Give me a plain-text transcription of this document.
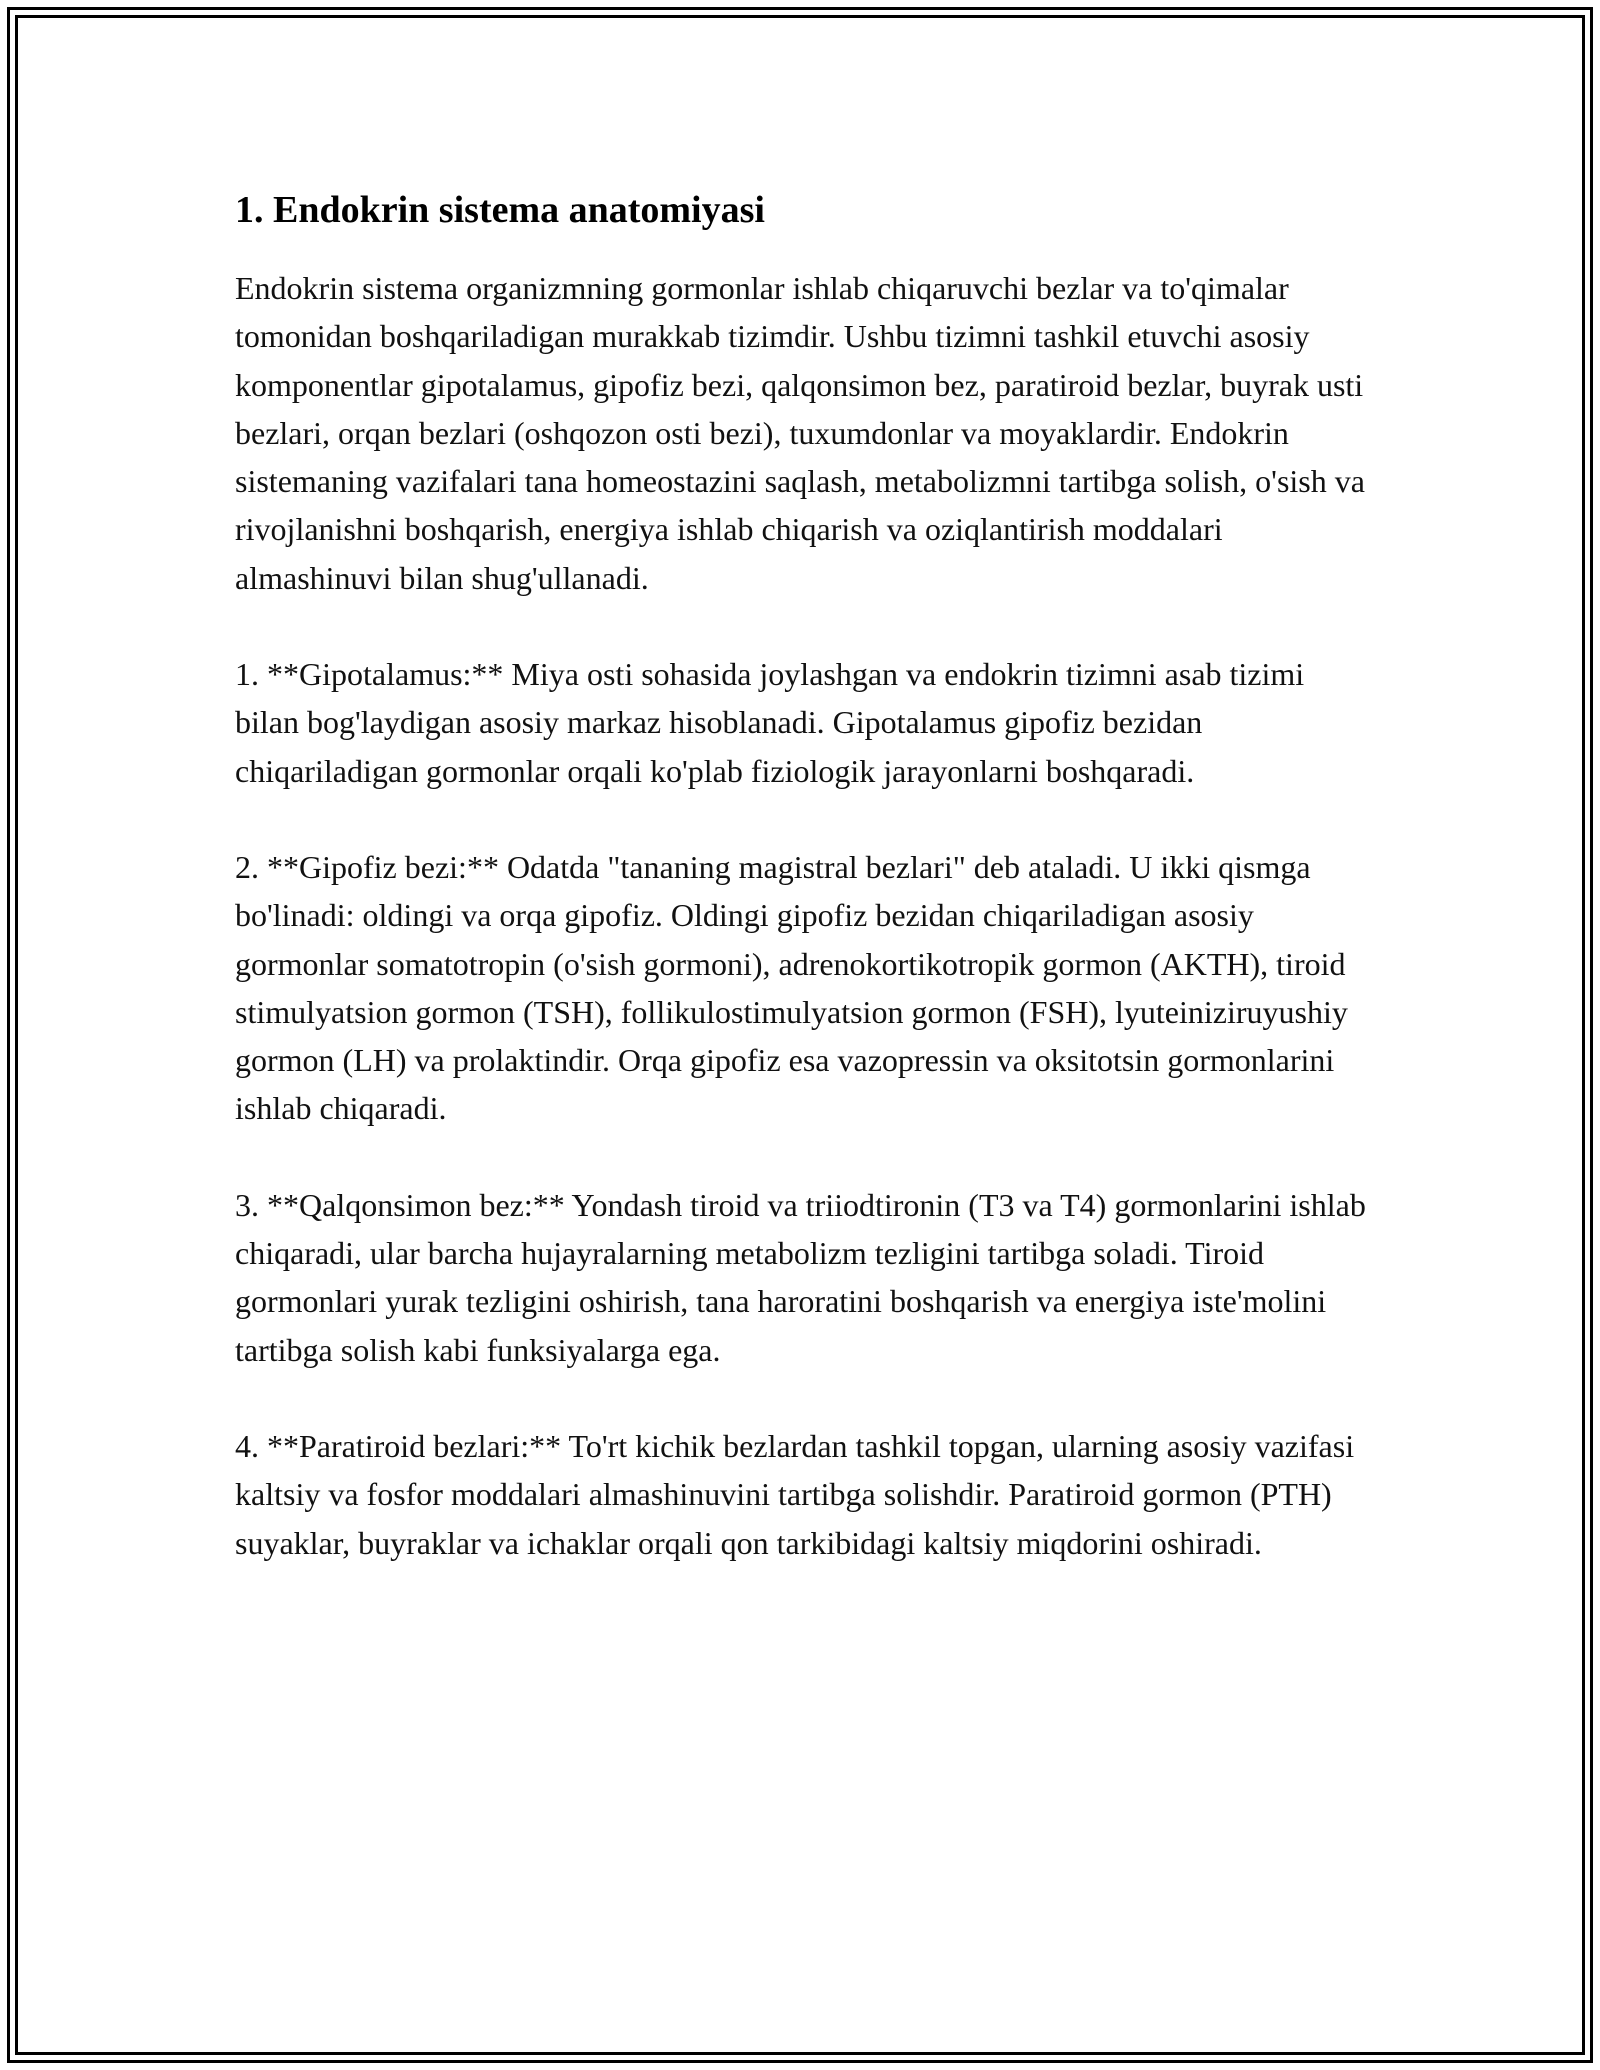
1. Endokrin sistema anatomiyasi

Endokrin sistema organizmning gormonlar ishlab chiqaruvchi bezlar va to'qimalar tomonidan boshqariladigan murakkab tizimdir. Ushbu tizimni tashkil etuvchi asosiy komponentlar gipotalamus, gipofiz bezi, qalqonsimon bez, paratiroid bezlar, buyrak usti bezlari, orqan bezlari (oshqozon osti bezi), tuxumdonlar va moyaklardir. Endokrin sistemaning vazifalari tana homeostazini saqlash, metabolizmni tartibga solish, o'sish va rivojlanishni boshqarish, energiya ishlab chiqarish va oziqlantirish moddalari almashinuvi bilan shug'ullanadi.

1. **Gipotalamus:** Miya osti sohasida joylashgan va endokrin tizimni asab tizimi bilan bog'laydigan asosiy markaz hisoblanadi. Gipotalamus gipofiz bezidan chiqariladigan gormonlar orqali ko'plab fiziologik jarayonlarni boshqaradi.

2. **Gipofiz bezi:** Odatda "tananing magistral bezlari" deb ataladi. U ikki qismga bo'linadi: oldingi va orqa gipofiz. Oldingi gipofiz bezidan chiqariladigan asosiy gormonlar somatotropin (o'sish gormoni), adrenokortikotropik gormon (AKTH), tiroid stimulyatsion gormon (TSH), follikulostimulyatsion gormon (FSH), lyuteiniziruyushiy gormon (LH) va prolaktindir. Orqa gipofiz esa vazopressin va oksitotsin gormonlarini ishlab chiqaradi.

3. **Qalqonsimon bez:** Yondash tiroid va triiodtironin (T3 va T4) gormonlarini ishlab chiqaradi, ular barcha hujayralarning metabolizm tezligini tartibga soladi. Tiroid gormonlari yurak tezligini oshirish, tana haroratini boshqarish va energiya iste'molini tartibga solish kabi funksiyalarga ega.

4. **Paratiroid bezlari:** To'rt kichik bezlardan tashkil topgan, ularning asosiy vazifasi kaltsiy va fosfor moddalari almashinuvini tartibga solishdir. Paratiroid gormon (PTH) suyaklar, buyraklar va ichaklar orqali qon tarkibidagi kaltsiy miqdorini oshiradi.
